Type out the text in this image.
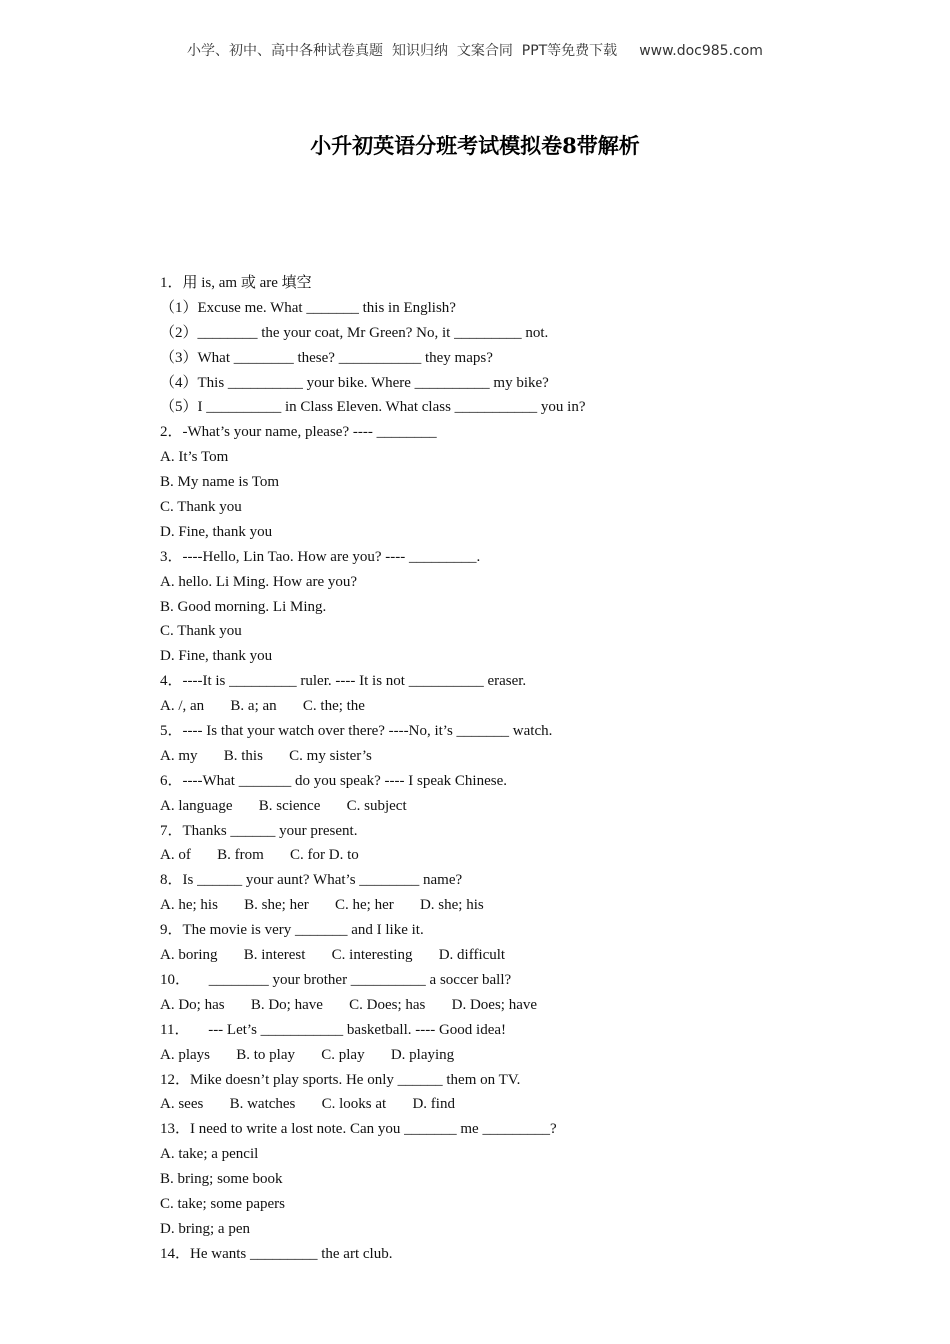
小学、初中、高中各种试卷真题  知识归纳  文案合同  PPT等免费下载 www.doc985.com
小升初英语分班考试模拟卷8带解析
1．用 is, am 或 are 填空
（1）Excuse me. What _______ this in English?
（2）________ the your coat, Mr Green? No, it _________ not.
（3）What ________ these? ___________ they maps?
（4）This __________ your bike. Where __________ my bike?
（5）I __________ in Class Eleven. What class ___________ you in?
2．-What’s your name, please? ---- ________
A. It’s Tom
B. My name is Tom
C. Thank you
D. Fine, thank you
3．----Hello, Lin Tao. How are you? ---- _________.
A. hello. Li Ming. How are you?
B. Good morning. Li Ming.
C. Thank you
D. Fine, thank you
4．----It is _________ ruler. ---- It is not __________ eraser.
A. /, an       B. a; an       C. the; the
5．---- Is that your watch over there? ----No, it’s _______ watch.
A. my       B. this       C. my sister’s
6．----What _______ do you speak? ---- I speak Chinese.
A. language       B. science       C. subject
7．Thanks ______ your present.
A. of       B. from       C. for D. to
8．Is ______ your aunt? What’s ________ name?
A. he; his       B. she; her       C. he; her       D. she; his
9．The movie is very _______ and I like it.
A. boring       B. interest       C. interesting       D. difficult
10．     ________ your brother __________ a soccer ball?
A. Do; has       B. Do; have       C. Does; has       D. Does; have
11．     --- Let’s ___________ basketball. ---- Good idea!
A. plays       B. to play       C. play       D. playing
12．Mike doesn’t play sports. He only ______ them on TV.
A. sees       B. watches       C. looks at       D. find
13．I need to write a lost note. Can you _______ me _________?
A. take; a pencil
B. bring; some book
C. take; some papers
D. bring; a pen
14．He wants _________ the art club.
